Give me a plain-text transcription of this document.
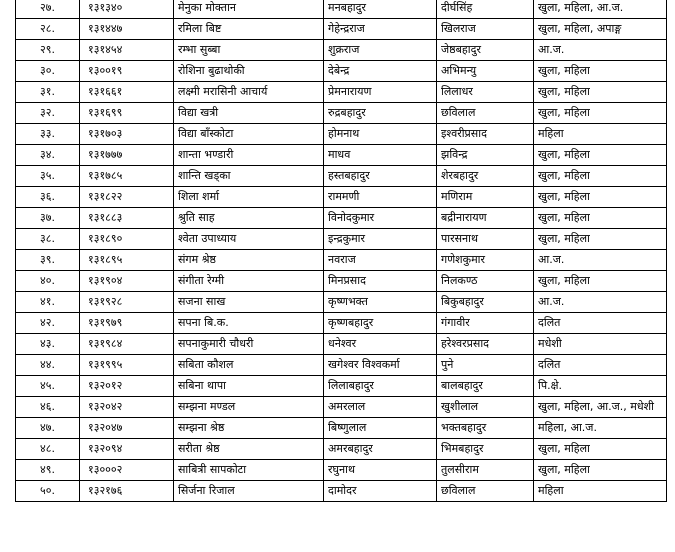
२७.	१३१३४०	मेनुका मोक्तान	मनबहादुर	दीर्घसिंह	खुला, महिला, आ.ज.
२८.	१३१४४७	रमिला बिष्ट	गेहेन्द्रराज	खिलराज	खुला, महिला, अपाङ्ग
२९.	१३१४५४	रम्भा सुब्बा	शुक्रराज	जेष्ठबहादुर	आ.ज.
३०.	१३००१९	रोशिना बुढाथोकी	देबेन्द्र	अभिमन्यु	खुला, महिला
३१.	१३१६६१	लक्ष्मी मरासिनी आचार्य	प्रेमनारायण	लिलाधर	खुला, महिला
३२.	१३१६९९	विद्या खत्री	रुद्रबहादुर	छविलाल	खुला, महिला
३३.	१३१७०३	विद्या बाँस्कोटा	होमनाथ	इश्वरीप्रसाद	महिला
३४.	१३१७७७	शान्ता भण्डारी	माधव	झविन्द्र	खुला, महिला
३५.	१३१७८५	शान्ति खड्का	हस्तबहादुर	शेरबहादुर	खुला, महिला
३६.	१३१८२२	शिला शर्मा	राममणी	मणिराम	खुला, महिला
३७.	१३१८८३	श्रुति साह	विनोदकुमार	बद्रीनारायण	खुला, महिला
३८.	१३१८९०	श्वेता उपाध्याय	इन्द्रकुमार	पारसनाथ	खुला, महिला
३९.	१३१८९५	संगम श्रेष्ठ	नवराज	गणेशकुमार	आ.ज.
४०.	१३१९०४	संगीता रेग्मी	मिनप्रसाद	निलकण्ठ	खुला, महिला
४१.	१३१९२८	सजना साख	कृष्णभक्त	बिकुबहादुर	आ.ज.
४२.	१३१९७९	सपना बि.क.	कृष्णबहादुर	गंगावीर	दलित
४३.	१३१९८४	सपनाकुमारी चौधरी	धनेश्वर	हरेश्वरप्रसाद	मधेशी
४४.	१३१९९५	सबिता कौशल	खगेश्वर विश्वकर्मा	पुने	दलित
४५.	१३२०१२	सबिना थापा	लिलाबहादुर	बालबहादुर	पि.क्षे.
४६.	१३२०४२	सम्झना मण्डल	अमरलाल	खुशीलाल	खुला, महिला, आ.ज., मधेशी
४७.	१३२०४७	सम्झना श्रेष्ठ	बिष्णुलाल	भक्तबहादुर	महिला, आ.ज.
४८.	१३२०९४	सरीता श्रेष्ठ	अमरबहादुर	भिमबहादुर	खुला, महिला
४९.	१३०००२	साबित्री सापकोटा	रघुनाथ	तुलसीराम	खुला, महिला
५०.	१३२१७६	सिर्जना रिजाल	दामोदर	छविलाल	महिला
